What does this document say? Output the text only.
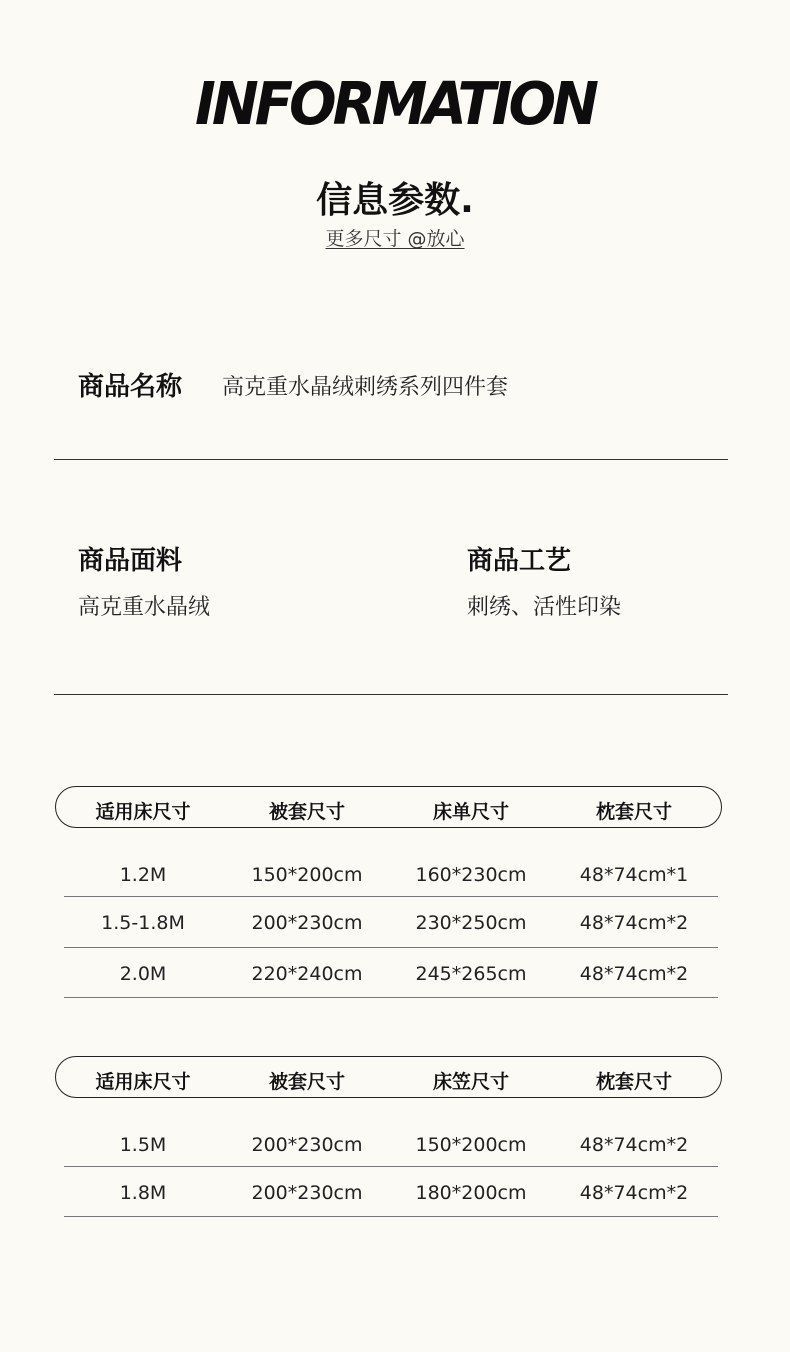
INFORMATION
信息参数.
更多尺寸 @放心
商品名称 高克重水晶绒刺绣系列四件套
商品面料
高克重水晶绒
商品工艺
刺绣、活性印染
适用床尺寸	被套尺寸	床单尺寸	枕套尺寸
1.2M	150*200cm	160*230cm	48*74cm*1
1.5-1.8M	200*230cm	230*250cm	48*74cm*2
2.0M	220*240cm	245*265cm	48*74cm*2
适用床尺寸	被套尺寸	床笠尺寸	枕套尺寸
1.5M	200*230cm	150*200cm	48*74cm*2
1.8M	200*230cm	180*200cm	48*74cm*2
